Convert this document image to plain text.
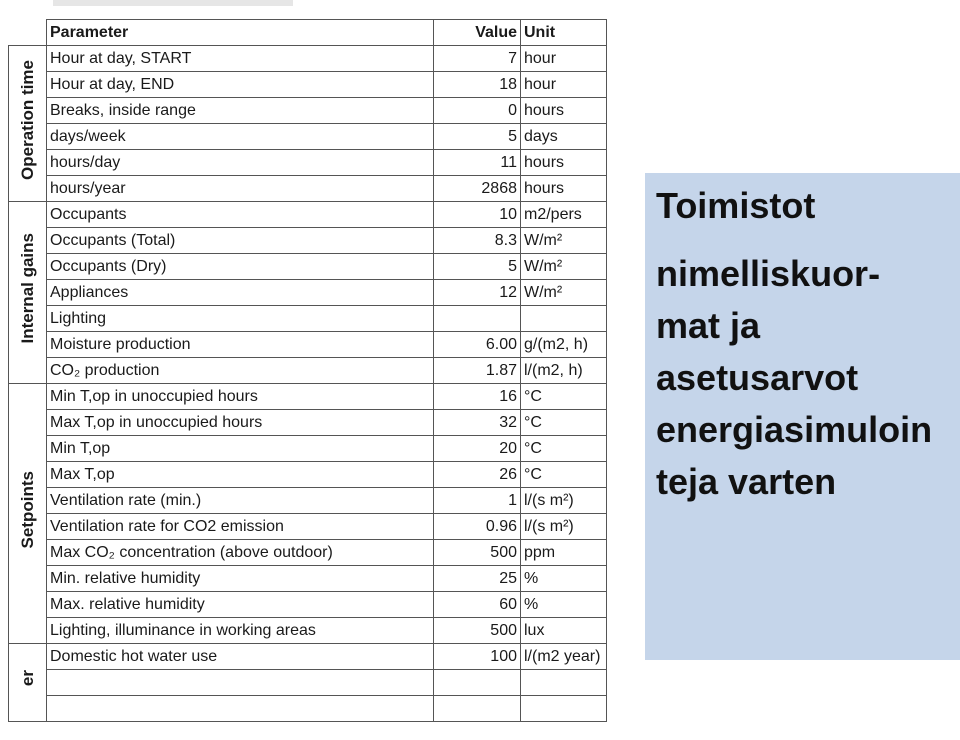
	Parameter	Value	Unit
Operation time	Hour at day, START	7	hour
	Hour at day, END	18	hour
	Breaks, inside range	0	hours
	days/week	5	days
	hours/day	11	hours
	hours/year	2868	hours
Internal gains	Occupants	10	m2/pers
	Occupants (Total)	8.3	W/m²
	Occupants (Dry)	5	W/m²
	Appliances	12	W/m²
	Lighting		
	Moisture production	6.00	g/(m2, h)
	CO₂ production	1.87	l/(m2, h)
Setpoints	Min T,op in unoccupied hours	16	°C
	Max T,op in unoccupied hours	32	°C
	Min T,op	20	°C
	Max T,op	26	°C
	Ventilation rate (min.)	1	l/(s m²)
	Ventilation rate for CO2 emission	0.96	l/(s m²)
	Max CO₂ concentration (above outdoor)	500	ppm
	Min. relative humidity	25	%
	Max. relative humidity	60	%
	Lighting, illuminance in working areas	500	lux
er	Domestic hot water use	100	l/(m2 year)

Toimistot
nimelliskuor-
mat ja
asetusarvot
energiasimuloin
teja varten
